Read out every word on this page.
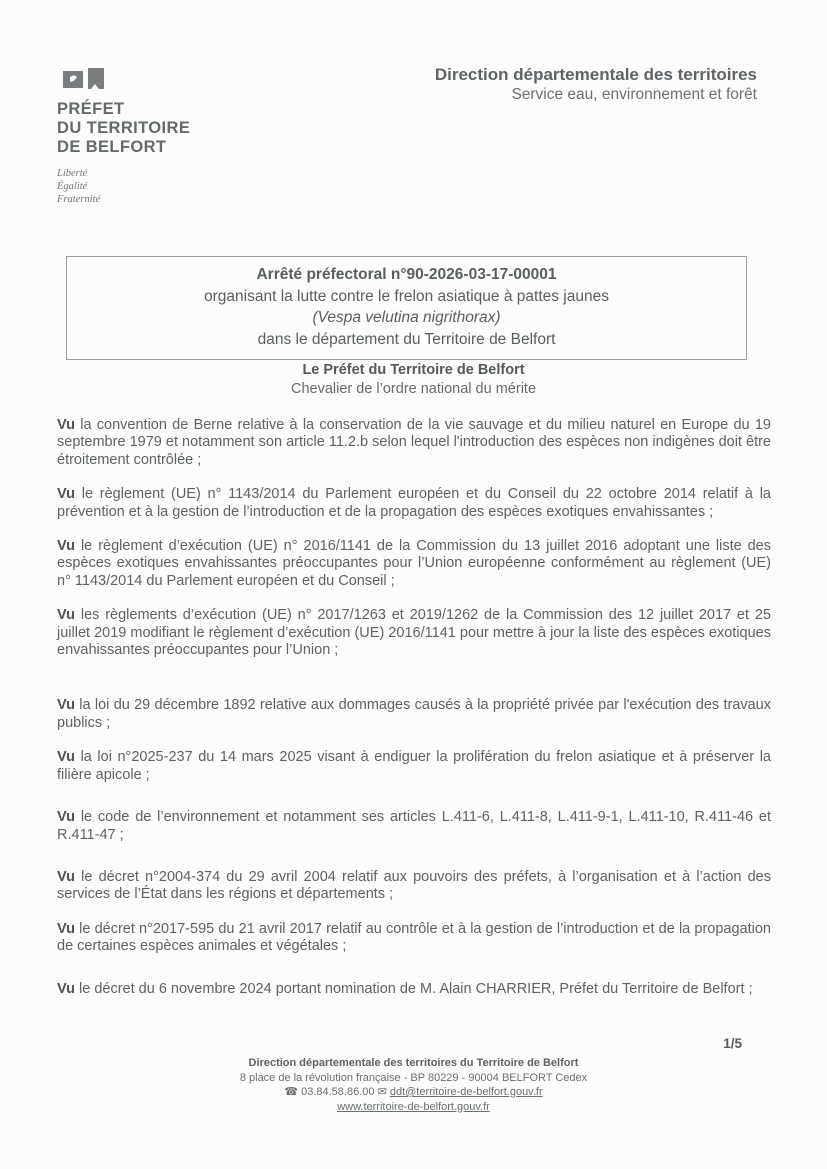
PRÉFET
DU TERRITOIRE
DE BELFORT
Liberté
Égalité
Fraternité
Direction départementale des territoires
Service eau, environnement et forêt
Arrêté préfectoral n°90-2026-03-17-00001
organisant la lutte contre le frelon asiatique à pattes jaunes
(Vespa velutina nigrithorax)
dans le département du Territoire de Belfort
Le Préfet du Territoire de Belfort
Chevalier de l’ordre national du mérite

Vu la convention de Berne relative à la conservation de la vie sauvage et du milieu naturel en Europe du 19 septembre 1979 et notamment son article 11.2.b selon lequel l'introduction des espèces non indigènes doit être étroitement contrôlée ;

Vu le règlement (UE) n° 1143/2014 du Parlement européen et du Conseil du 22 octobre 2014 relatif à la prévention et à la gestion de l’introduction et de la propagation des espèces exotiques envahissantes ;

Vu le règlement d’exécution (UE) n° 2016/1141 de la Commission du 13 juillet 2016 adoptant une liste des espèces exotiques envahissantes préoccupantes pour l’Union européenne conformément au règlement (UE) n° 1143/2014 du Parlement européen et du Conseil ;

Vu les règlements d’exécution (UE) n° 2017/1263 et 2019/1262 de la Commission des 12 juillet 2017 et 25 juillet 2019 modifiant le règlement d’exécution (UE) 2016/1141 pour mettre à jour la liste des espèces exotiques envahissantes préoccupantes pour l’Union ;

Vu la loi du 29 décembre 1892 relative aux dommages causés à la propriété privée par l'exécution des travaux publics ;

Vu la loi n°2025-237 du 14 mars 2025 visant à endiguer la prolifération du frelon asiatique et à préserver la filière apicole ;

Vu le code de l’environnement et notamment ses articles L.411-6, L.411-8, L.411-9-1, L.411-10, R.411-46 et R.411-47 ;

Vu le décret n°2004-374 du 29 avril 2004 relatif aux pouvoirs des préfets, à l’organisation et à l’action des services de l’État dans les régions et départements ;

Vu le décret n°2017-595 du 21 avril 2017 relatif au contrôle et à la gestion de l’introduction et de la propagation de certaines espèces animales et végétales ;

Vu le décret du 6 novembre 2024 portant nomination de M. Alain CHARRIER, Préfet du Territoire de Belfort ;

1/5
Direction départementale des territoires du Territoire de Belfort
8 place de la révolution française - BP 80229 - 90004 BELFORT Cedex
☎ 03.84.58.86.00 ✉ ddt@territoire-de-belfort.gouv.fr
www.territoire-de-belfort.gouv.fr
